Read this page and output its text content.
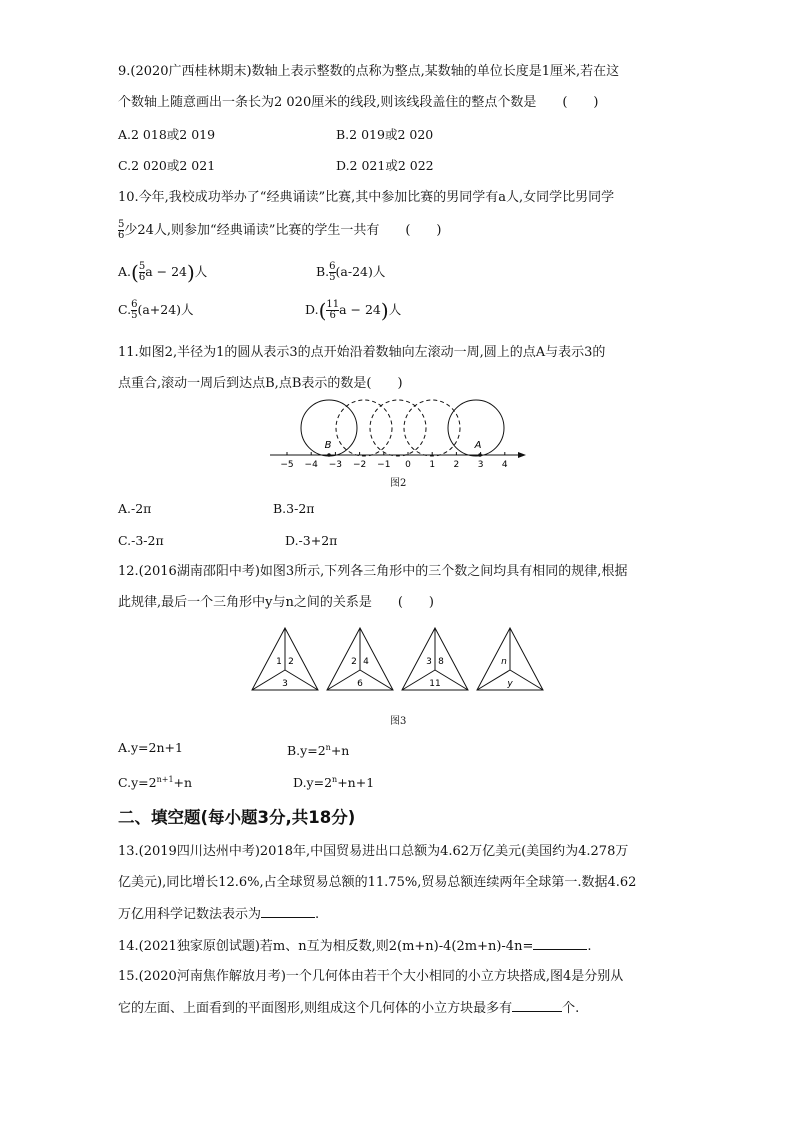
9.(2020广西桂林期末)数轴上表示整数的点称为整点,某数轴的单位长度是1厘米,若在这
个数轴上随意画出一条长为2 020厘米的线段,则该线段盖住的整点个数是　　(　　)
A.2 018或2 019	B.2 019或2 020
C.2 020或2 021	D.2 021或2 022
10.今年,我校成功举办了“经典诵读”比赛,其中参加比赛的男同学有a人,女同学比男同学
$\frac{5}{6}$ 少24人,则参加“经典诵读”比赛的学生一共有　　(　　)
$A.( \frac{5}{6}$ a − 24)人	B. $\frac{6}{5} (a-24)$人
C. $\frac{6}{5} (a+24)$人	$D.( \frac{11}{6}$ a − 24)人
11.如图2,半径为1的圆从表示3的点开始沿着数轴向左滚动一周,圆上的点A与表示3的
点重合,滚动一周后到达点B,点B表示的数是(　　)
−5 −4 −3 −2 −1 0 1 2 3 4
B	A
图2
A.-2π	B.3-2π
C.-3-2π	D.-3+2π
12.(2016湖南邵阳中考)如图3所示,下列各三角形中的三个数之间均具有相同的规律,根据
此规律,最后一个三角形中y与n之间的关系是　　(　　)
1 2
3
2 4
6
3 8
11
n
y
图3
A.y=2n+1	$B.y=2^n+n$
$C.y=2^{n+1}+n$	$D.y=2^n+n+1$
二、填空题(每小题3分,共18分)
13.(2019四川达州中考)2018年,中国贸易进出口总额为4.62万亿美元(美国约为4.278万
亿美元),同比增长12.6%,占全球贸易总额的11.75%,贸易总额连续两年全球第一.数据4.62
万亿用科学记数法表示为	.
14.(2021独家原创试题)若m、n互为相反数,则2(m+n)-4(2m+n)-4n=	.
15.(2020河南焦作解放月考)一个几何体由若干个大小相同的小立方块搭成,图4是分别从
它的左面、上面看到的平面图形,则组成这个几何体的小立方块最多有	个.
